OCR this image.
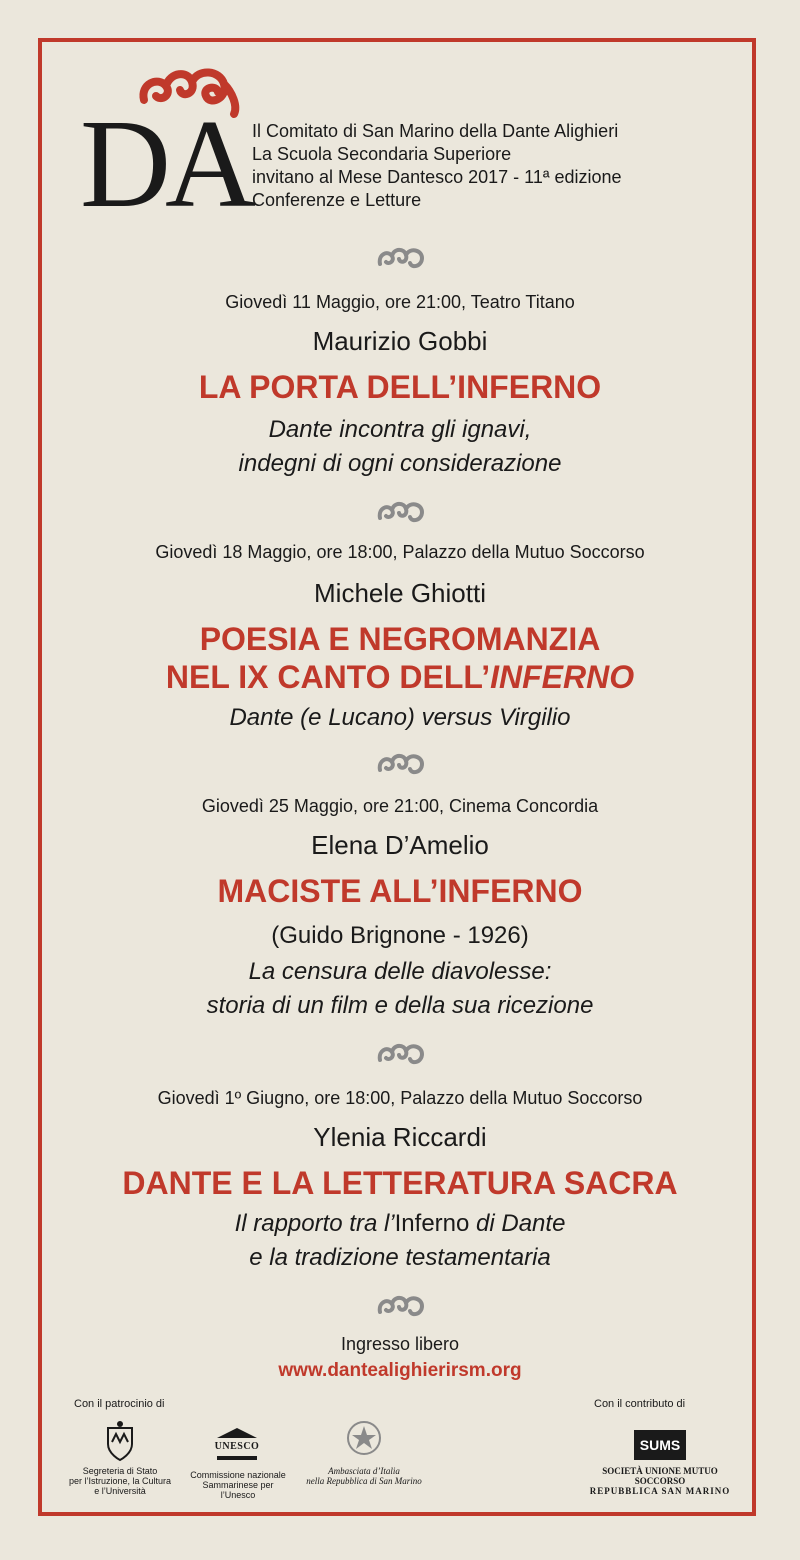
DA Il Comitato di San Marino della Dante Alighieri
La Scuola Secondaria Superiore
invitano al Mese Dantesco 2017 - 11ª edizione
Conferenze e Letture
Giovedì 11 Maggio, ore 21:00, Teatro Titano
Maurizio Gobbi
LA PORTA DELL’INFERNO
Dante incontra gli ignavi,
indegni di ogni considerazione
Giovedì 18 Maggio, ore 18:00, Palazzo della Mutuo Soccorso
Michele Ghiotti
POESIA E NEGROMANZIA
NEL IX CANTO DELL’INFERNO
Dante (e Lucano) versus Virgilio
Giovedì 25 Maggio, ore 21:00, Cinema Concordia
Elena D’Amelio
MACISTE ALL’INFERNO
(Guido Brignone - 1926)
La censura delle diavolesse:
storia di un film e della sua ricezione
Giovedì 1º Giugno, ore 18:00, Palazzo della Mutuo Soccorso
Ylenia Riccardi
DANTE E LA LETTERATURA SACRA
Il rapporto tra l’Inferno di Dante
e la tradizione testamentaria
Ingresso libero
www.dantealighierirsm.org
Con il patrocinio di	Con il contributo di
Segreteria di Stato
per l’Istruzione, la Cultura
e l’Università
UNESCO
Commissione nazionale
Sammarinese per l’Unesco
Ambasciata d’Italia
nella Repubblica di San Marino
SUMS
SOCIETÀ UNIONE MUTUO SOCCORSO
REPUBBLICA SAN MARINO
